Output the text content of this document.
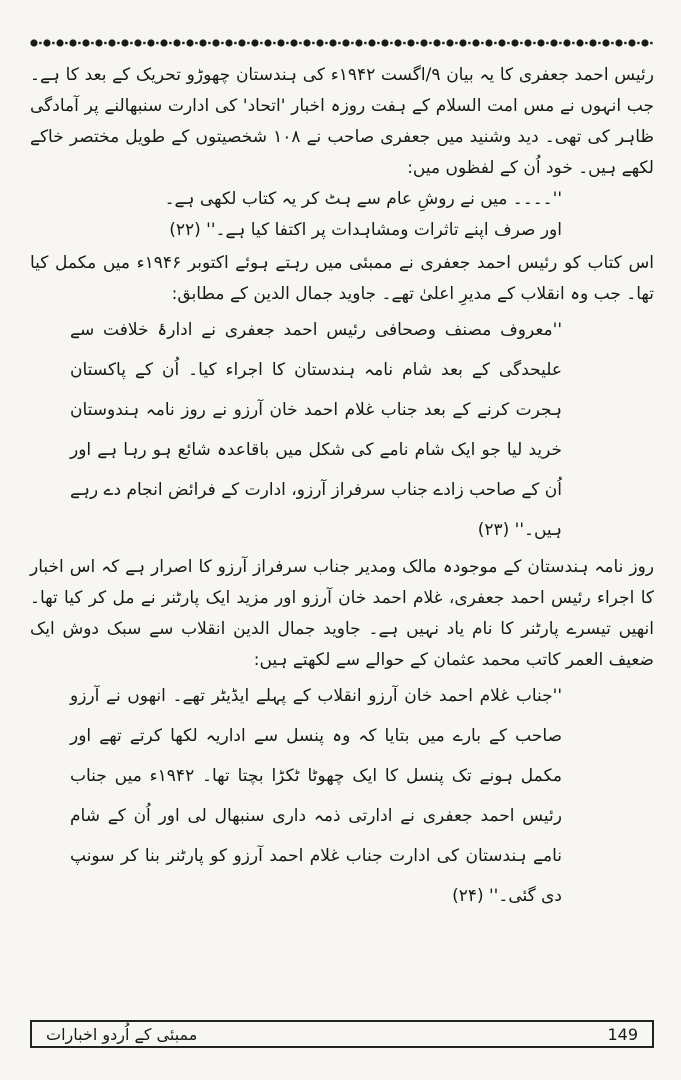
رئیس احمد جعفری کا یہ بیان ۹/اگست ۱۹۴۲ء کی ہندستان چھوڑو تحریک کے بعد کا ہے۔ جب انہوں نے مس امت السلام کے ہفت روزہ اخبار 'اتحاد' کی ادارت سنبھالنے پر آمادگی ظاہر کی تھی۔ دید وشنید میں جعفری صاحب نے ۱۰۸ شخصیتوں کے طویل مختصر خاکے لکھے ہیں۔ خود اُن کے لفظوں میں:

''۔۔۔۔ میں نے روشِ عام سے ہٹ کر یہ کتاب لکھی ہے۔

اور صرف اپنے تاثرات ومشاہدات پر اکتفا کیا ہے۔'' (۲۲)

اس کتاب کو رئیس احمد جعفری نے ممبئی میں رہتے ہوئے اکتوبر ۱۹۴۶ء میں مکمل کیا تھا۔ جب وہ انقلاب کے مدیرِ اعلیٰ تھے۔ جاوید جمال الدین کے مطابق:

''معروف مصنف وصحافی رئیس احمد جعفری نے ادارۂ خلافت سے علیحدگی کے بعد شام نامہ ہندستان کا اجراء کیا۔ اُن کے پاکستان ہجرت کرنے کے بعد جناب غلام احمد خان آرزو نے روز نامہ ہندوستان خرید لیا جو ایک شام نامے کی شکل میں باقاعدہ شائع ہو رہا ہے اور اُن کے صاحب زادے جناب سرفراز آرزو، ادارت کے فرائض انجام دے رہے ہیں۔'' (۲۳)

روز نامہ ہندستان کے موجودہ مالک ومدیر جناب سرفراز آرزو کا اصرار ہے کہ اس اخبار کا اجراء رئیس احمد جعفری، غلام احمد خان آرزو اور مزید ایک پارٹنر نے مل کر کیا تھا۔ انھیں تیسرے پارٹنر کا نام یاد نہیں ہے۔ جاوید جمال الدین انقلاب سے سبک دوش ایک ضعیف العمر کاتب محمد عثمان کے حوالے سے لکھتے ہیں:

''جناب غلام احمد خان آرزو انقلاب کے پہلے ایڈیٹر تھے۔ انھوں نے آرزو صاحب کے بارے میں بتایا کہ وہ پنسل سے اداریہ لکھا کرتے تھے اور مکمل ہونے تک پنسل کا ایک چھوٹا ٹکڑا بچتا تھا۔ ۱۹۴۲ء میں جناب رئیس احمد جعفری نے ادارتی ذمہ داری سنبھال لی اور اُن کے شام نامے ہندستان کی ادارت جناب غلام احمد آرزو کو پارٹنر بنا کر سونپ دی گئی۔'' (۲۴)

ممبئی کے اُردو اخبارات	149
